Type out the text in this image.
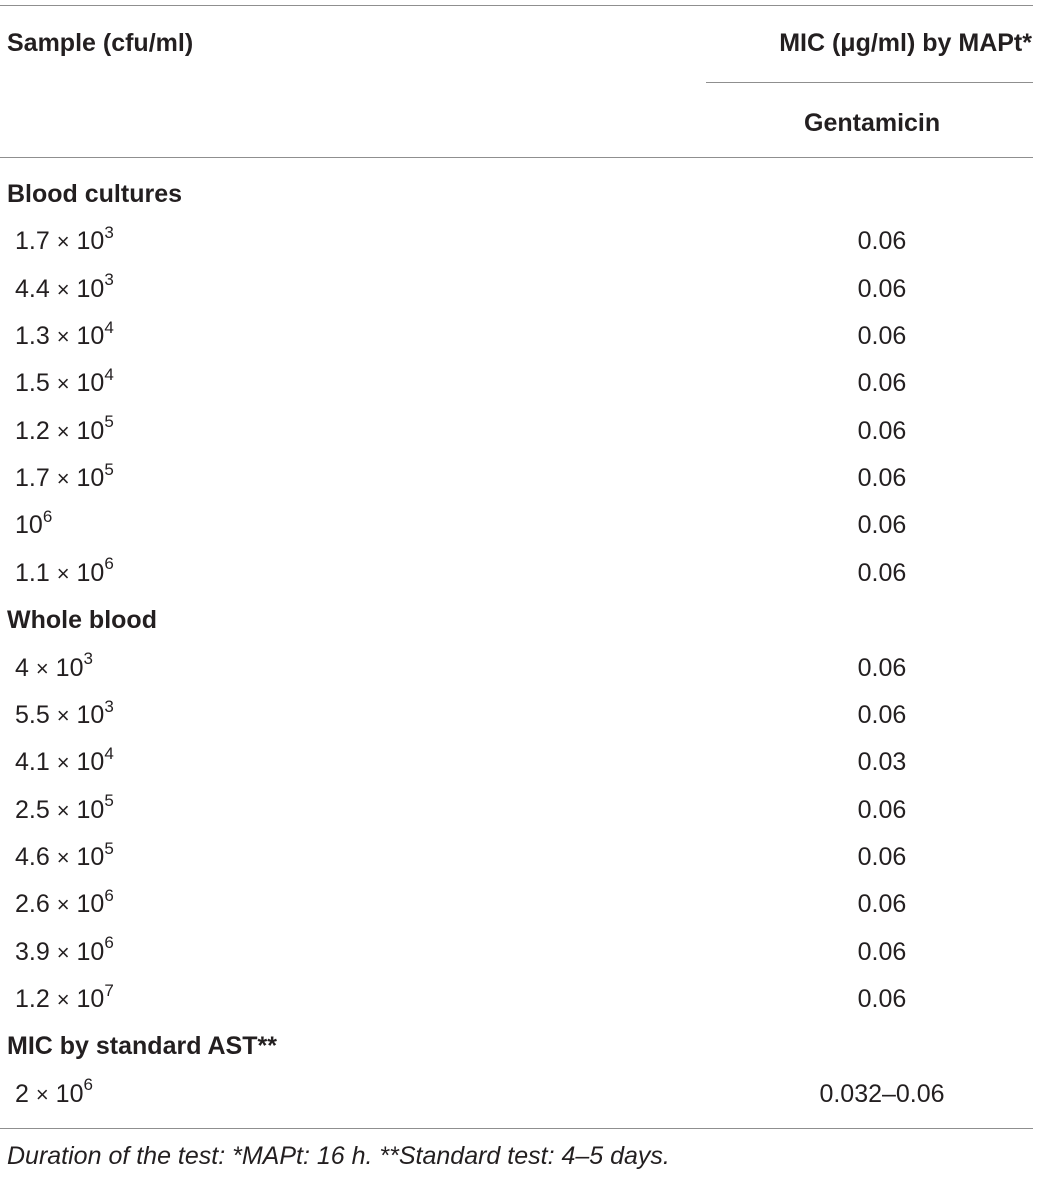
Sample (cfu/ml)	MIC (μg/ml) by MAPt*
Gentamicin
Blood cultures
$1.7 \times 10^3$	0.06
$4.4 \times 10^3$	0.06
$1.3 \times 10^4$	0.06
$1.5 \times 10^4$	0.06
$1.2 \times 10^5$	0.06
$1.7 \times 10^5$	0.06
$10^6$	0.06
$1.1 \times 10^6$	0.06
Whole blood
$4 \times 10^3$	0.06
$5.5 \times 10^3$	0.06
$4.1 \times 10^4$	0.03
$2.5 \times 10^5$	0.06
$4.6 \times 10^5$	0.06
$2.6 \times 10^6$	0.06
$3.9 \times 10^6$	0.06
$1.2 \times 10^7$	0.06
MIC by standard AST**
$2 \times 10^6$	0.032–0.06
Duration of the test: *MAPt: 16 h. **Standard test: 4–5 days.
